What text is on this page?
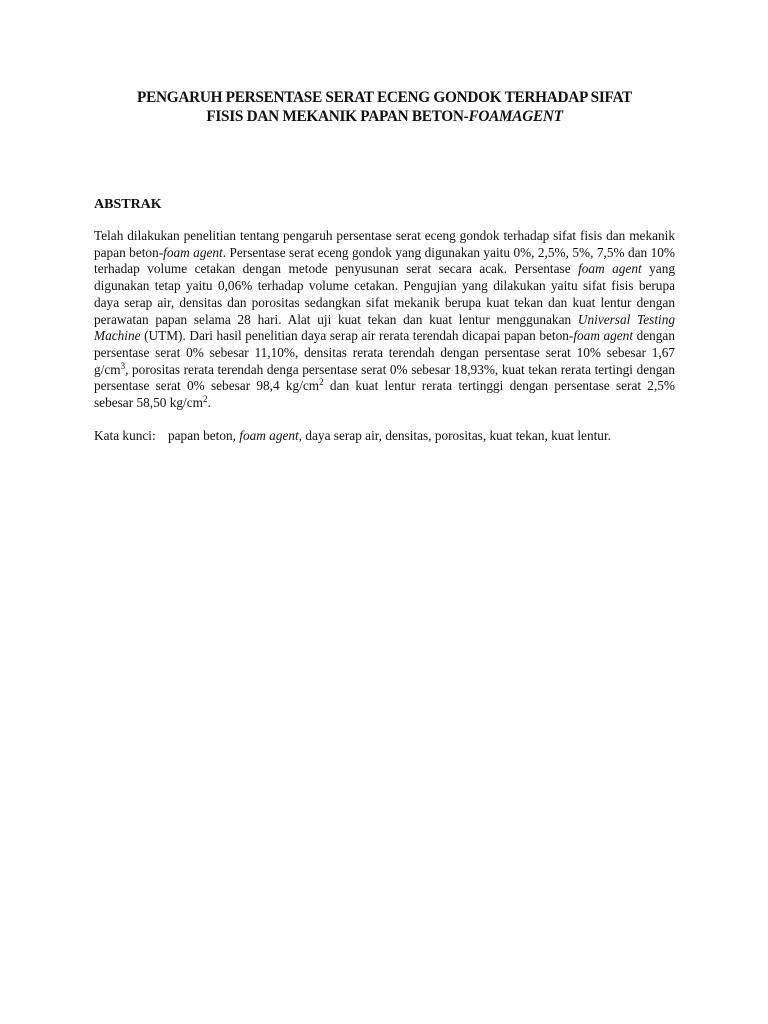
PENGARUH PERSENTASE SERAT ECENG GONDOK TERHADAP SIFAT
FISIS DAN MEKANIK PAPAN BETON-FOAMAGENT
ABSTRAK

Telah dilakukan penelitian tentang pengaruh persentase serat eceng gondok terhadap sifat fisis dan mekanik papan beton-foam agent. Persentase serat eceng gondok yang digunakan yaitu 0%, 2,5%, 5%, 7,5% dan 10% terhadap volume cetakan dengan metode penyusunan serat secara acak. Persentase foam agent yang digunakan tetap yaitu 0,06% terhadap volume cetakan. Pengujian yang dilakukan yaitu sifat fisis berupa daya serap air, densitas dan porositas sedangkan sifat mekanik berupa kuat tekan dan kuat lentur dengan perawatan papan selama 28 hari. Alat uji kuat tekan dan kuat lentur menggunakan Universal Testing Machine (UTM). Dari hasil penelitian daya serap air rerata terendah dicapai papan beton-foam agent dengan persentase serat 0% sebesar 11,10%, densitas rerata terendah dengan persentase serat 10% sebesar 1,67 $g/cm^3$, porositas rerata terendah denga persentase serat 0% sebesar 18,93%, kuat tekan rerata tertingi dengan persentase serat 0% sebesar 98,4 $kg/cm^2$ dan kuat lentur rerata tertinggi dengan persentase serat 2,5% sebesar 58,50 $kg/cm^2$.

Kata kunci: papan beton, foam agent, daya serap air, densitas, porositas, kuat tekan, kuat lentur.
